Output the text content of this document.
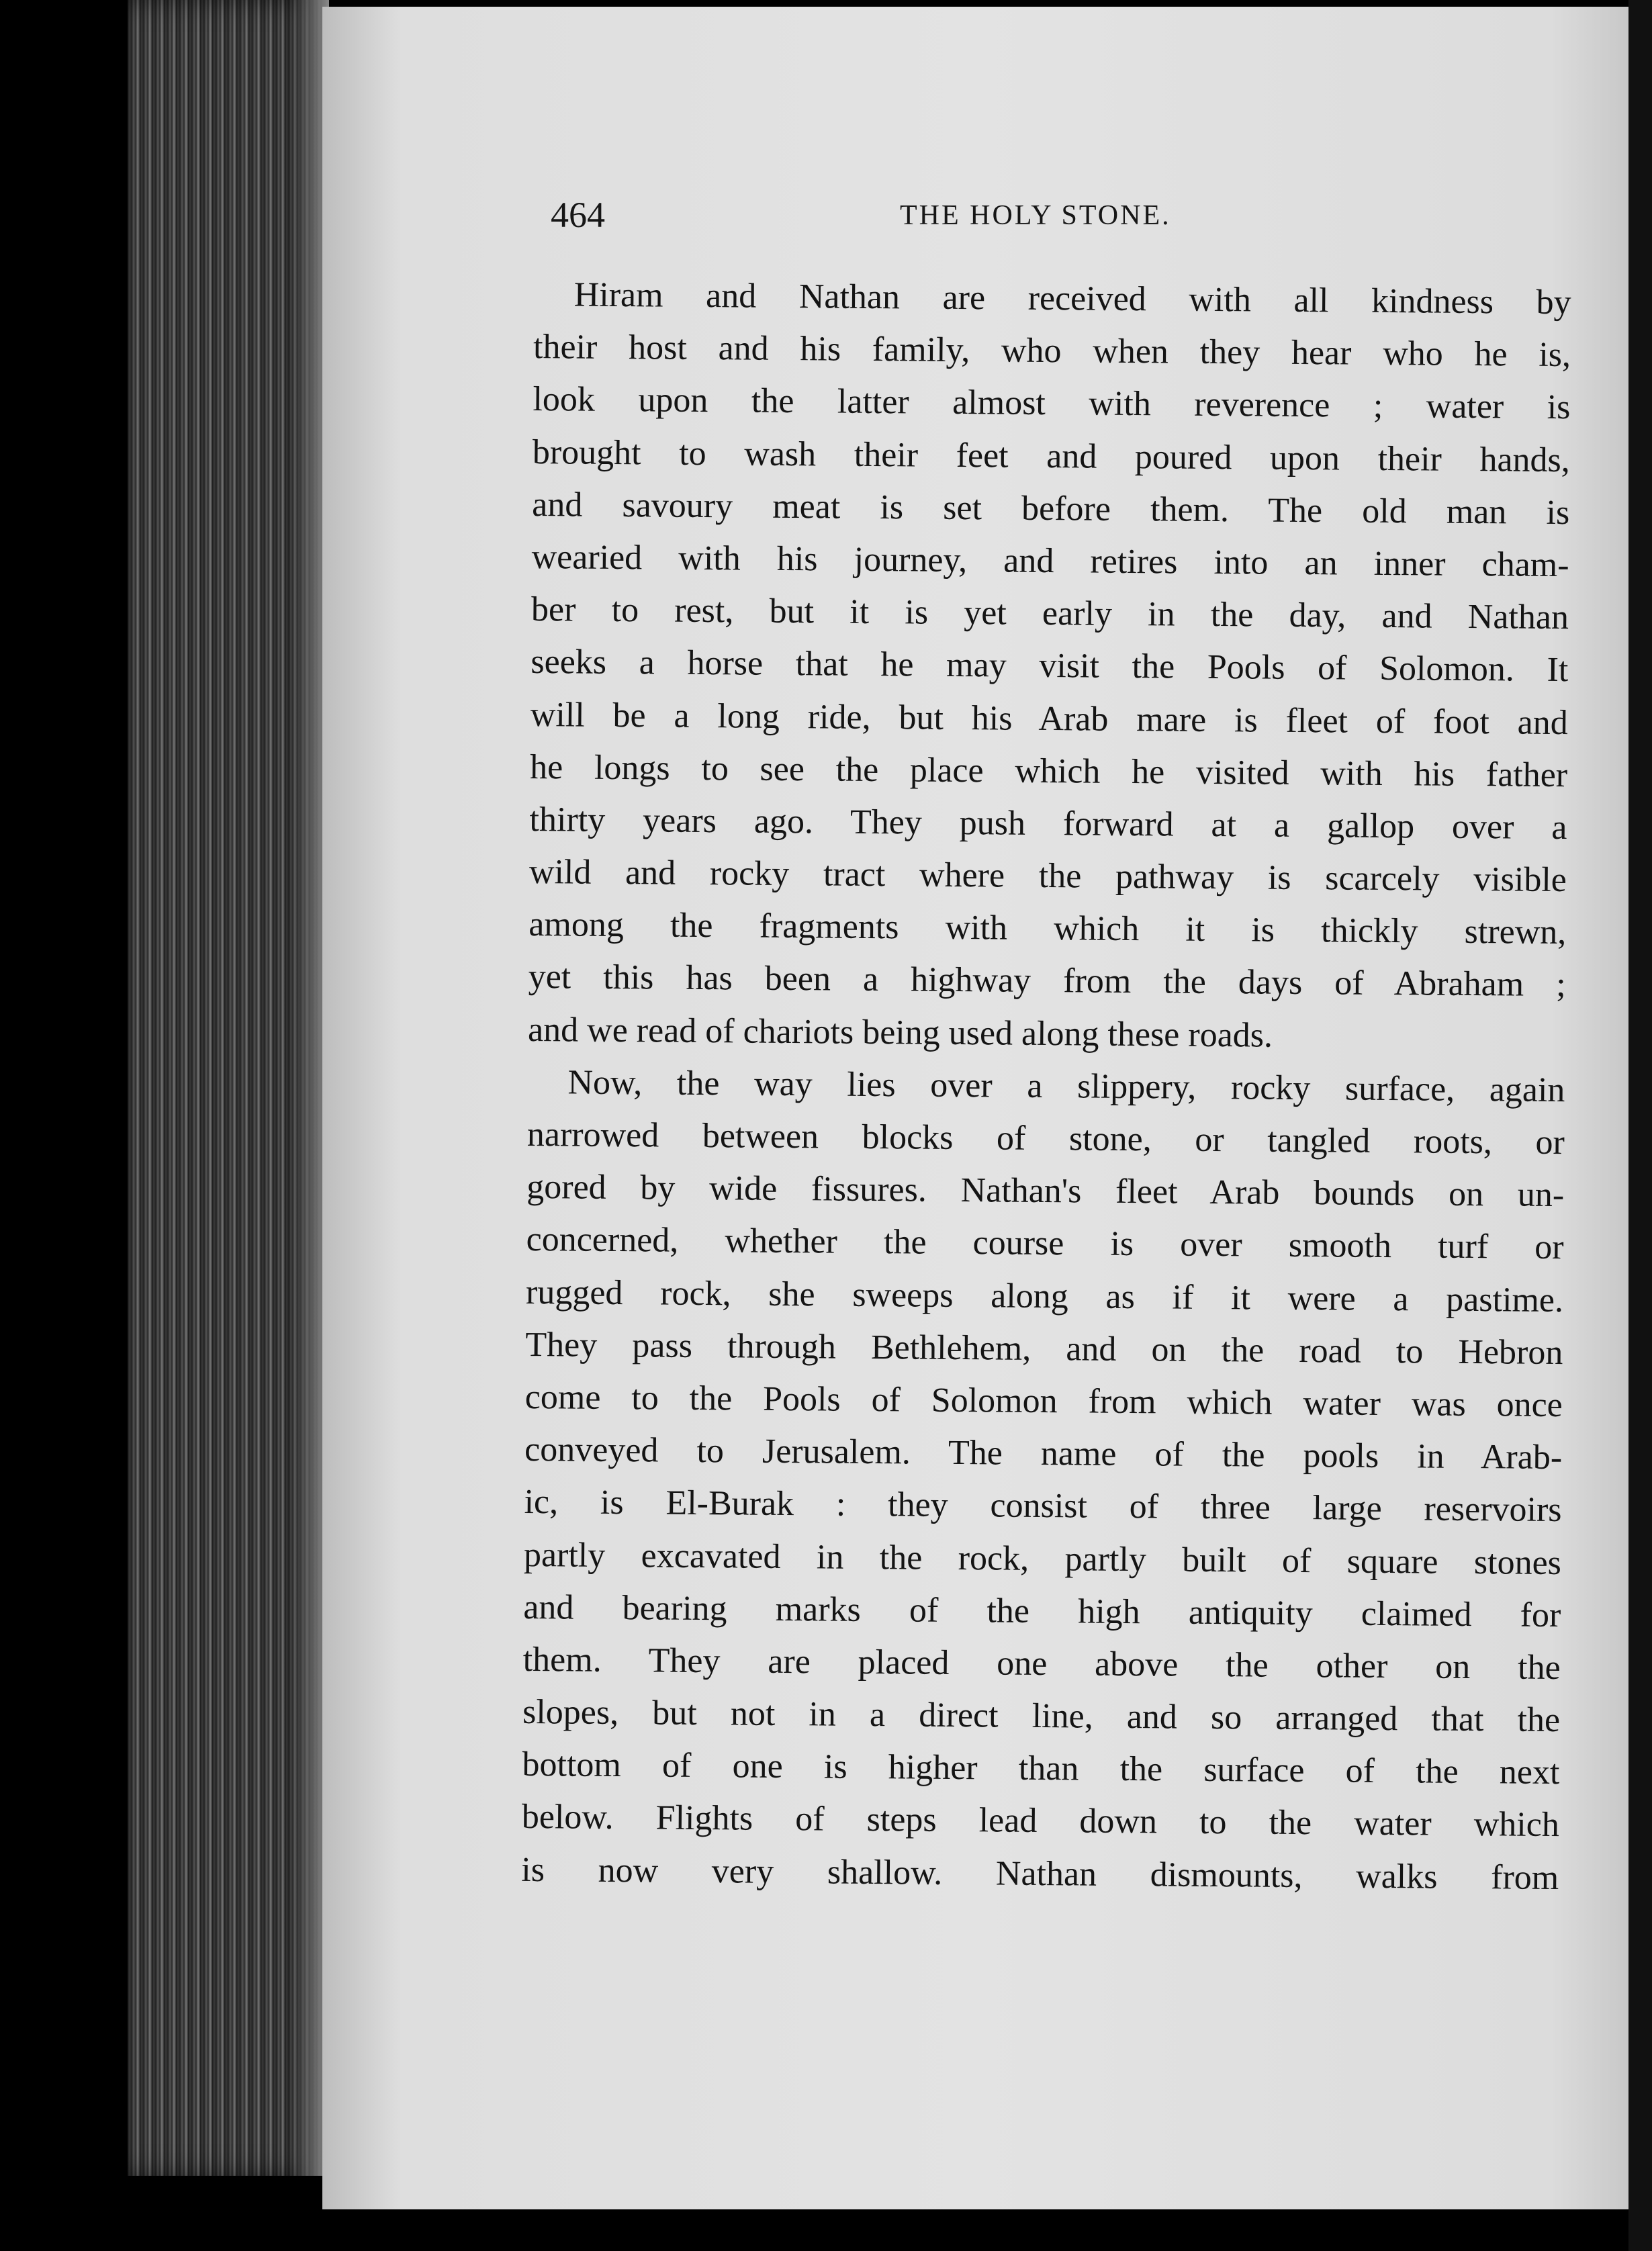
464	THE HOLY STONE.
Hiram and Nathan are received with all kindness by
their host and his family, who when they hear who he is,
look upon the latter almost with reverence ; water is
brought to wash their feet and poured upon their hands,
and savoury meat is set before them. The old man is
wearied with his journey, and retires into an inner cham-
ber to rest, but it is yet early in the day, and Nathan
seeks a horse that he may visit the Pools of Solomon. It
will be a long ride, but his Arab mare is fleet of foot and
he longs to see the place which he visited with his father
thirty years ago. They push forward at a gallop over a
wild and rocky tract where the pathway is scarcely visible
among the fragments with which it is thickly strewn,
yet this has been a highway from the days of Abraham ;
and we read of chariots being used along these roads.
Now, the way lies over a slippery, rocky surface, again
narrowed between blocks of stone, or tangled roots, or
gored by wide fissures. Nathan's fleet Arab bounds on un-
concerned, whether the course is over smooth turf or
rugged rock, she sweeps along as if it were a pastime.
They pass through Bethlehem, and on the road to Hebron
come to the Pools of Solomon from which water was once
conveyed to Jerusalem. The name of the pools in Arab-
ic, is El-Burak : they consist of three large reservoirs
partly excavated in the rock, partly built of square stones
and bearing marks of the high antiquity claimed for
them. They are placed one above the other on the
slopes, but not in a direct line, and so arranged that the
bottom of one is higher than the surface of the next
below. Flights of steps lead down to the water which
is now very shallow. Nathan dismounts, walks from
